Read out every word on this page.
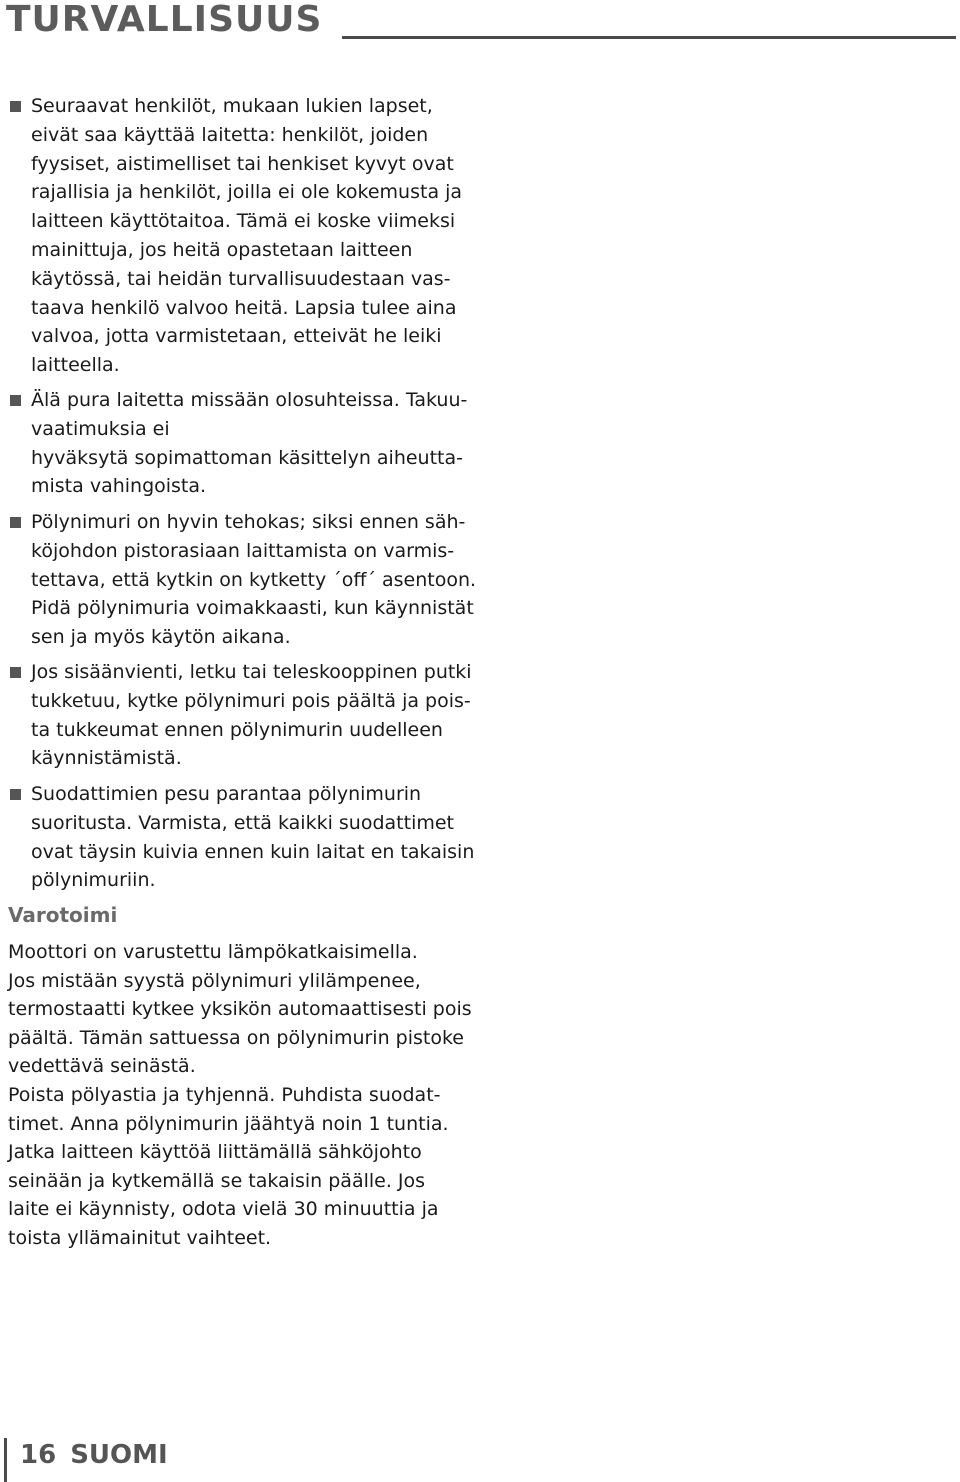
TURVALLISUUS
Seuraavat henkilöt, mukaan lukien lapset,
eivät saa käyttää laitetta: henkilöt, joiden
fyysiset, aistimelliset tai henkiset kyvyt ovat
rajallisia ja henkilöt, joilla ei ole kokemusta ja
laitteen käyttötaitoa. Tämä ei koske viimeksi
mainittuja, jos heitä opastetaan laitteen
käytössä, tai heidän turvallisuudestaan vas-
taava henkilö valvoo heitä. Lapsia tulee aina
valvoa, jotta varmistetaan, etteivät he leiki
laitteella.
Älä pura laitetta missään olosuhteissa. Takuu-
vaatimuksia ei
hyväksytä sopimattoman käsittelyn aiheutta-
mista vahingoista.
Pölynimuri on hyvin tehokas; siksi ennen säh-
köjohdon pistorasiaan laittamista on varmis-
tettava, että kytkin on kytketty ´off´ asentoon.
Pidä pölynimuria voimakkaasti, kun käynnistät
sen ja myös käytön aikana.
Jos sisäänvienti, letku tai teleskooppinen putki
tukketuu, kytke pölynimuri pois päältä ja pois-
ta tukkeumat ennen pölynimurin uudelleen
käynnistämistä.
Suodattimien pesu parantaa pölynimurin
suoritusta. Varmista, että kaikki suodattimet
ovat täysin kuivia ennen kuin laitat en takaisin
pölynimuriin.
Varotoimi
Moottori on varustettu lämpökatkaisimella.
Jos mistään syystä pölynimuri ylilämpenee,
termostaatti kytkee yksikön automaattisesti pois
päältä. Tämän sattuessa on pölynimurin pistoke
vedettävä seinästä.
Poista pölyastia ja tyhjennä. Puhdista suodat-
timet. Anna pölynimurin jäähtyä noin 1 tuntia.
Jatka laitteen käyttöä liittämällä sähköjohto
seinään ja kytkemällä se takaisin päälle. Jos
laite ei käynnisty, odota vielä 30 minuuttia ja
toista yllämainitut vaihteet.
16 SUOMI
